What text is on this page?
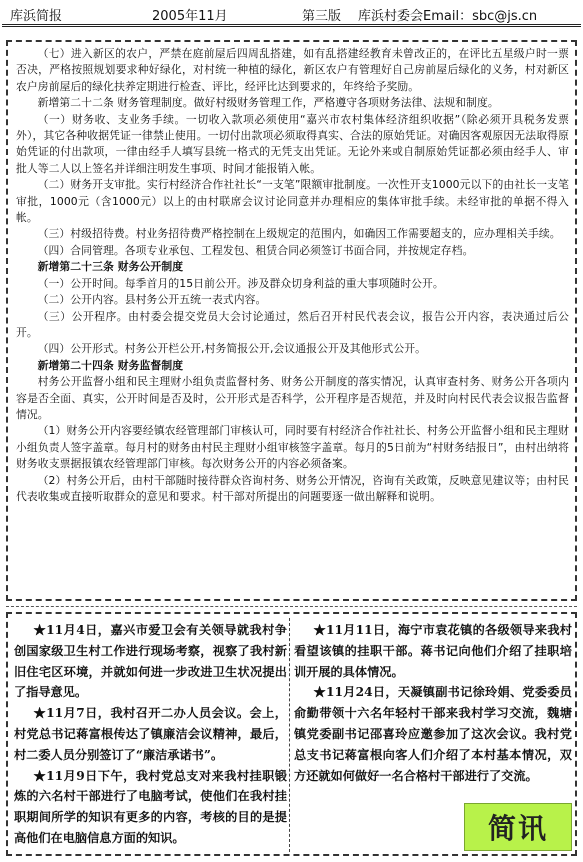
库浜简报	2005年11月	第三版 库浜村委会Email：sbc@js.cn

（七）进入新区的农户，严禁在庭前屋后四周乱搭建，如有乱搭建经教育未曾改正的，在评比五星级户时一票否决，严格按照规划要求种好绿化，对村统一种植的绿化，新区农户有管理好自己房前屋后绿化的义务，村对新区农户房前屋后的绿化扶养定期进行检查、评比，经评比达到要求的，年终给予奖励。

新增第二十二条 财务管理制度。做好村级财务管理工作，严格遵守各项财务法律、法规和制度。

（一）财务收、支业务手续。一切收入款项必须使用“嘉兴市农村集体经济组织收据”（除必须开具税务发票外），其它各种收据凭证一律禁止使用。一切付出款项必须取得真实、合法的原始凭证。对确因客观原因无法取得原始凭证的付出款项，一律由经手人填写县统一格式的无凭支出凭证。无论外来或自制原始凭证都必须由经手人、审批人等二人以上签名并详细注明发生事项、时间才能报销入帐。

（二）财务开支审批。实行村经济合作社社长“一支笔”限额审批制度。一次性开支1000元以下的由社长一支笔审批，1000元（含1000元）以上的由村联席会议讨论同意并办理相应的集体审批手续。未经审批的单据不得入帐。

（三）村级招待费。村业务招待费严格控制在上级规定的范围内，如确因工作需要超支的，应办理相关手续。

（四）合同管理。各项专业承包、工程发包、租赁合同必须签订书面合同，并按规定存档。

新增第二十三条 财务公开制度

（一）公开时间。每季首月的15日前公开。涉及群众切身利益的重大事项随时公开。

（二）公开内容。县村务公开五统一表式内容。

（三）公开程序。由村委会提交党员大会讨论通过，然后召开村民代表会议，报告公开内容，表决通过后公开。

（四）公开形式。村务公开栏公开,村务简报公开,会议通报公开及其他形式公开。

新增第二十四条 财务监督制度

村务公开监督小组和民主理财小组负责监督村务、财务公开制度的落实情况，认真审查村务、财务公开各项内容是否全面、真实，公开时间是否及时，公开形式是否科学，公开程序是否规范，并及时向村民代表会议报告监督情况。

（1）财务公开内容要经镇农经管理部门审核认可，同时要有村经济合作社社长、村务公开监督小组和民主理财小组负责人签字盖章。每月村的财务由村民主理财小组审核签字盖章。每月的5日前为“村财务结报日”，由村出纳将财务收支票据报镇农经管理部门审核。每次财务公开的内容必须备案。

（2）村务公开后，由村干部随时接待群众咨询村务、财务公开情况，咨询有关政策，反映意见建议等；由村民代表收集或直接听取群众的意见和要求。村干部对所提出的问题要逐一做出解释和说明。

★11月4日，嘉兴市爱卫会有关领导就我村争创国家级卫生村工作进行现场考察，视察了我村新旧住宅区环境，并就如何进一步改进卫生状况提出了指导意见。

★11月7日，我村召开二办人员会议。会上，村党总书记蒋富根传达了镇廉洁会议精神，最后，村二委人员分别签订了“廉洁承诺书”。

★11月9日下午，我村党总支对来我村挂职锻炼的六名村干部进行了电脑考试，使他们在我村挂职期间所学的知识有更多的内容，考核的目的是提高他们在电脑信息方面的知识。

★11月11日，海宁市袁花镇的各级领导来我村看望该镇的挂职干部。蒋书记向他们介绍了挂职培训开展的具体情况。

★11月24日，天凝镇副书记徐玲娟、党委委员俞勤带领十六名年轻村干部来我村学习交流，魏塘镇党委副书记邵喜玲应邀参加了这次会议。我村党总支书记蒋富根向客人们介绍了本村基本情况，双方还就如何做好一名合格村干部进行了交流。

简讯
